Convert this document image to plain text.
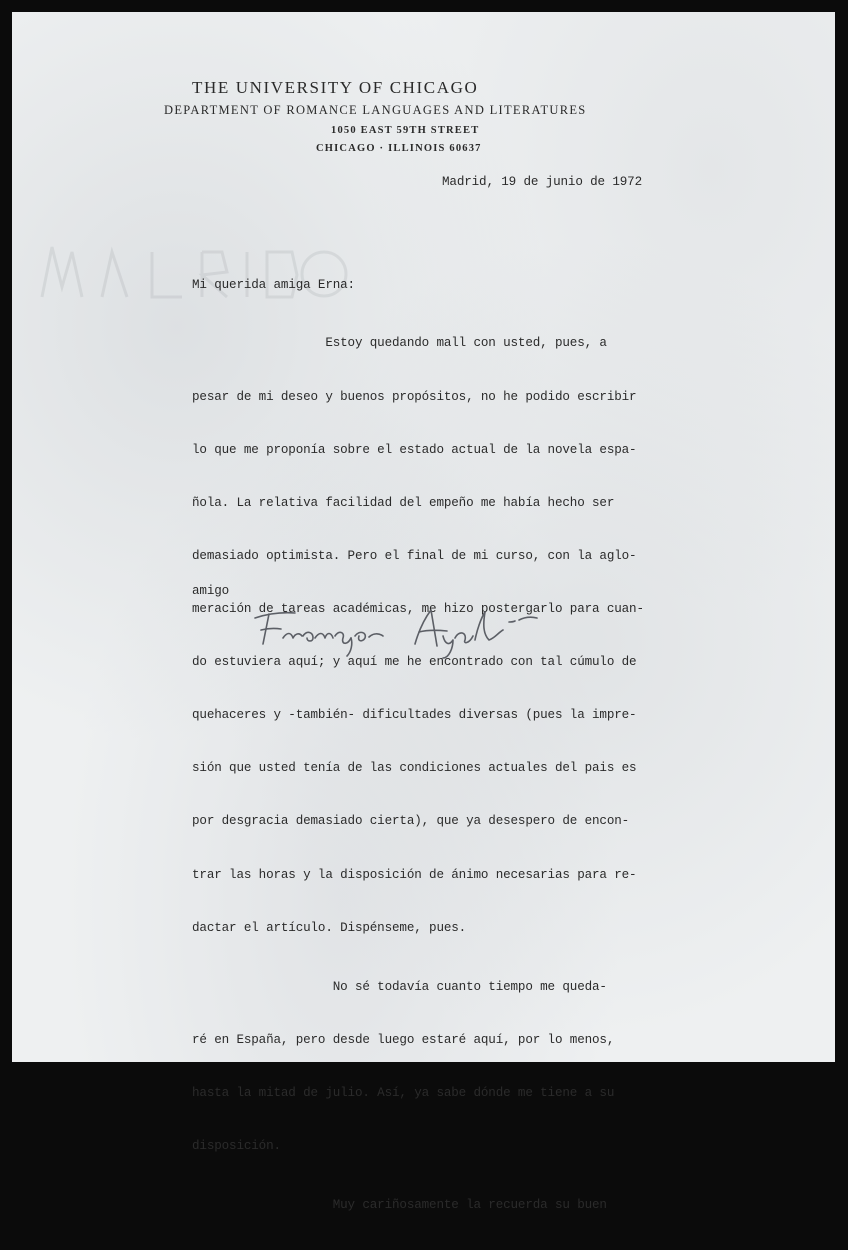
THE UNIVERSITY OF CHICAGO
DEPARTMENT OF ROMANCE LANGUAGES AND LITERATURES
1050 EAST 59TH STREET
CHICAGO · ILLINOIS 60637
Madrid, 19 de junio de 1972
Mi querida amiga Erna:

Estoy quedando mall con usted, pues, a

pesar de mi deseo y buenos propósitos, no he podido escribir

lo que me proponía sobre el estado actual de la novela espa-

ñola. La relativa facilidad del empeño me había hecho ser

demasiado optimista. Pero el final de mi curso, con la aglo-

meración de tareas académicas, me hizo postergarlo para cuan-

do estuviera aquí; y aquí me he encontrado con tal cúmulo de

quehaceres y -también- dificultades diversas (pues la impre-

sión que usted tenía de las condiciones actuales del pais es

por desgracia demasiado cierta), que ya desespero de encon-

trar las horas y la disposición de ánimo necesarias para re-

dactar el artículo. Dispénseme, pues.

No sé todavía cuanto tiempo me queda-

ré en España, pero desde luego estaré aquí, por lo menos,

hasta la mitad de julio. Así, ya sabe dónde me tiene a su

disposición.

Muy cariñosamente la recuerda su buen

amigo
